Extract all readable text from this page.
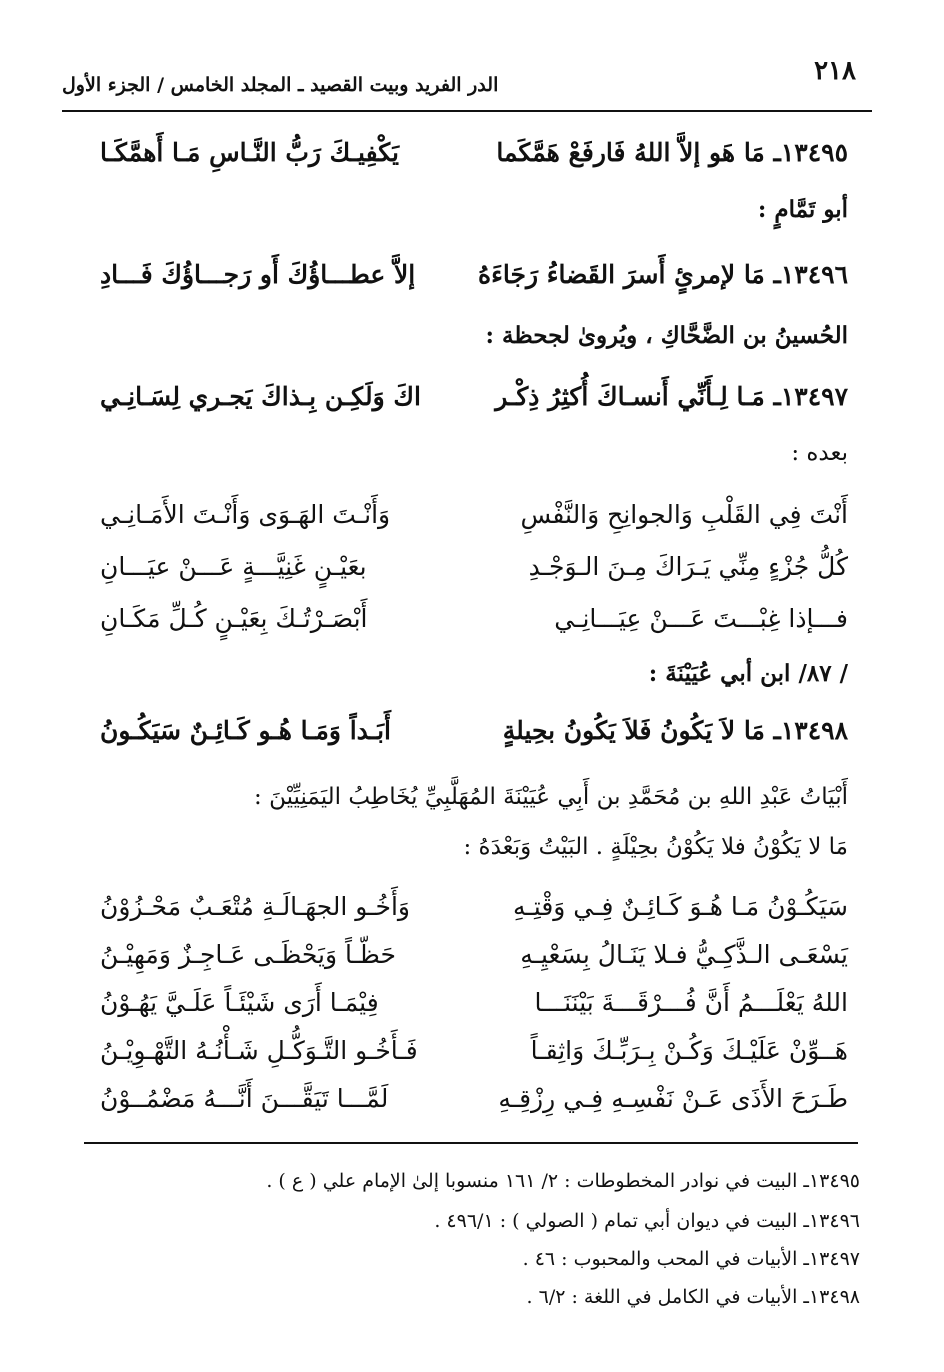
٢١٨
الدر الفريد وبيت القصيد ـ المجلد الخامس / الجزء الأول
١٣٤٩٥ـ مَا هَو إلاَّ اللهُ فَارفَعْ هَمَّكَما
يَكْفِيـكَ رَبُّ النَّـاسِ مَـا أَهمَّكَـا
أبو تَمَّامٍ :
١٣٤٩٦ـ مَا لإمرئٍ أَسرَ القَضاءُ رَجَاءَهُ
إلاَّ عطـــاؤُكَ أَو رَجـــاؤُكَ فَـــادِ
الحُسينُ بن الضَّحَّاكِ ، ويُروىٰ لجحظة :
١٣٤٩٧ـ مَـا لِـأَنِّي أَنسـاكَ أُكثِرُ ذِكْـر
اكَ وَلَكِـن بِـذاكَ يَجـري لِسَـانِـي
بعده :
أَنْتَ فِي القَلْبِ وَالجوانِحِ وَالنَّفْسِ
وَأَنْـتَ الهَـوَى وَأَنْـتَ الأَمَـانِـي
كُلُّ جُزْءٍ مِنِّي يَـرَاكَ مِـنَ الـوَجْـدِ
بعَيْـنٍ غَنِيَّـــةٍ عَـــنْ عيَـــانِ
فـــإذا غِبْـــتَ عَـــنْ عِيَـــانِـي
أَبْصَـرْتُـكَ بِعَيْـنٍ كُـلِّ مَكَـانِ
/ ٨٧/ ابن أبي عُيَيْنَةَ :
١٣٤٩٨ـ مَا لاَ يَكُونُ فَلاَ يَكُونُ بحِيلةٍ
أَبَـداً وَمَـا هُـو كَـائِـنٌ سَيَكُـونُ
أَبْيَاتُ عَبْدِ اللهِ بن مُحَمَّدِ بن أَبِي عُيَيْنَةَ المُهَلَّبِيِّ يُخَاطِبُ اليَمَنِيِّيْنَ :
مَا لا يَكُوْنُ فلا يَكُوْنُ بحِيْلَةٍ . البَيْتُ وَبَعْدَهُ :
سَيَكُـوْنُ مَـا هُـوَ كَـائِـنٌ فِـي وَقْتِـهِ
وَأَخُـو الجهَـالَـةِ مُتْعَـبٌ مَحْـزُوْنُ
يَسْعَـى الـذَّكِـيُّ فـلا يَنَـالُ بِسَعْيِـهِ
حَظّـاً وَيَحْظَـى عَـاجِـزٌ وَمَهِيْـنُ
اللهُ يَعْلَـــمُ أَنَّ فُـــرْقَـــةَ بَيْنَنَـــا
فِيْمَـا أَرَى شَيْئَـاً عَلَـيَّ يَهُـوْنُ
هَــوِّنْ عَلَيْـكَ وَكُـنْ بِـرَبِّـكَ وَاثِقـاً
فَـأَخُـو التَّـوَكُّـلِ شَـأْنُـهُ التَّهْـوِيْـنُ
طَـرَحَ الأَذَى عَـنْ نَفْسِـهِ فِـي رِزْقِـهِ
لَمَّـــا تَيَقَّـــنَ أَنَّـــهُ مَضْمُــوْنُ
١٣٤٩٥ـ البيت في نوادر المخطوطات : ٢/ ١٦١ منسوبا إلىٰ الإمام علي ( ع ) .
١٣٤٩٦ـ البيت في ديوان أبي تمام ( الصولي ) : ٤٩٦/١ .
١٣٤٩٧ـ الأبيات في المحب والمحبوب : ٤٦ .
١٣٤٩٨ـ الأبيات في الكامل في اللغة : ٦/٢ .
